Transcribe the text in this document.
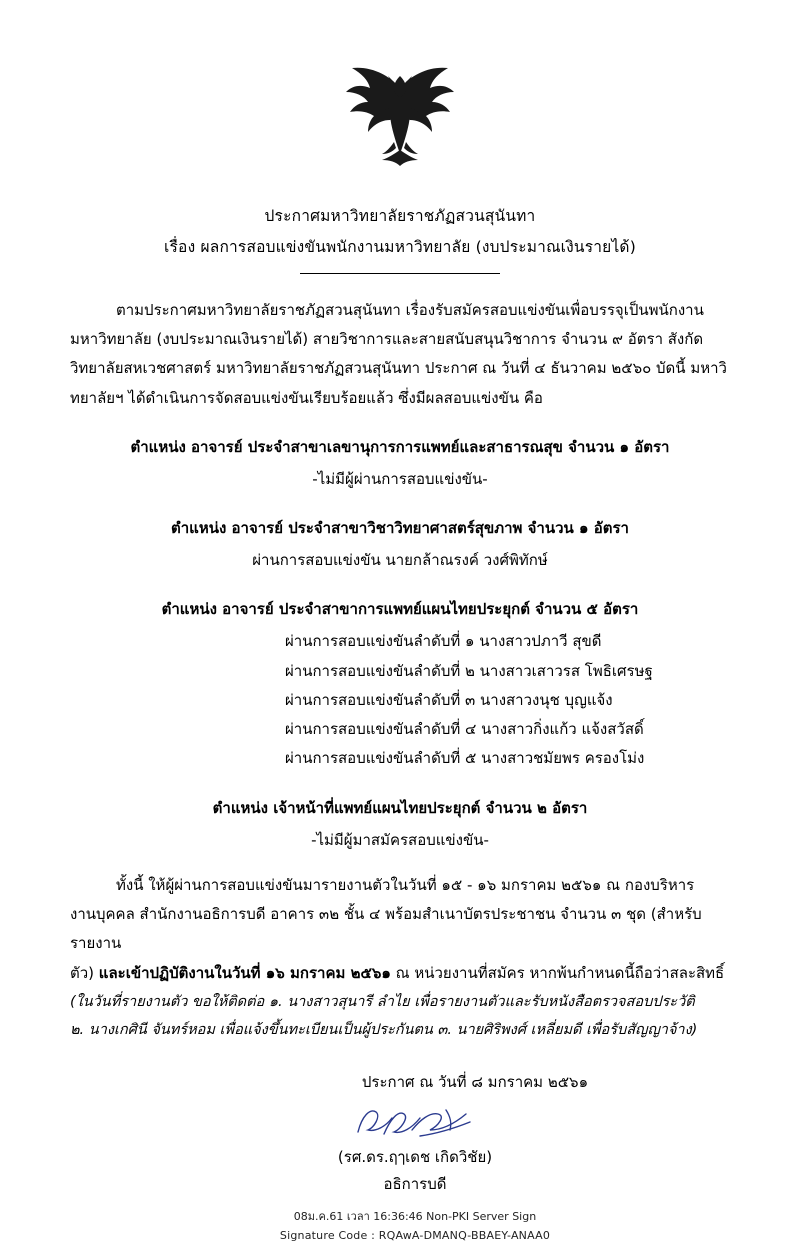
ประกาศมหาวิทยาลัยราชภัฏสวนสุนันทา
เรื่อง ผลการสอบแข่งขันพนักงานมหาวิทยาลัย (งบประมาณเงินรายได้)

ตามประกาศมหาวิทยาลัยราชภัฏสวนสุนันทา เรื่องรับสมัครสอบแข่งขันเพื่อบรรจุเป็นพนักงานมหาวิทยาลัย (งบประมาณเงินรายได้) สายวิชาการและสายสนับสนุนวิชาการ จำนวน ๙ อัตรา สังกัด วิทยาลัยสหเวชศาสตร์ มหาวิทยาลัยราชภัฏสวนสุนันทา ประกาศ ณ วันที่ ๔ ธันวาคม ๒๕๖๐ บัดนี้ มหาวิทยาลัยฯ ได้ดำเนินการจัดสอบแข่งขันเรียบร้อยแล้ว ซึ่งมีผลสอบแข่งขัน คือ

ตำแหน่ง อาจารย์ ประจำสาขาเลขานุการการแพทย์และสาธารณสุข จำนวน ๑ อัตรา
-ไม่มีผู้ผ่านการสอบแข่งขัน-
ตำแหน่ง อาจารย์ ประจำสาขาวิชาวิทยาศาสตร์สุขภาพ จำนวน ๑ อัตรา
ผ่านการสอบแข่งขัน นายกล้าณรงค์ วงศ์พิทักษ์
ตำแหน่ง อาจารย์ ประจำสาขาการแพทย์แผนไทยประยุกต์ จำนวน ๕ อัตรา
ผ่านการสอบแข่งขันลำดับที่ ๑ นางสาวปภาวี สุขดี
ผ่านการสอบแข่งขันลำดับที่ ๒ นางสาวเสาวรส โพธิเศรษฐ
ผ่านการสอบแข่งขันลำดับที่ ๓ นางสาวงนุช บุญแจ้ง
ผ่านการสอบแข่งขันลำดับที่ ๔ นางสาวกิ่งแก้ว แจ้งสวัสดิ์
ผ่านการสอบแข่งขันลำดับที่ ๕ นางสาวชมัยพร ครองโม่ง
ตำแหน่ง เจ้าหน้าที่แพทย์แผนไทยประยุกต์ จำนวน ๒ อัตรา
-ไม่มีผู้มาสมัครสอบแข่งขัน-

ทั้งนี้ ให้ผู้ผ่านการสอบแข่งขันมารายงานตัวในวันที่ ๑๕ - ๑๖ มกราคม ๒๕๖๑ ณ กองบริหาร

งานบุคคล สำนักงานอธิการบดี อาคาร ๓๒ ชั้น ๔ พร้อมสำเนาบัตรประชาชน จำนวน ๓ ชุด (สำหรับรายงาน

ตัว) และเข้าปฏิบัติงานในวันที่ ๑๖ มกราคม ๒๕๖๑ ณ หน่วยงานที่สมัคร หากพ้นกำหนดนี้ถือว่าสละสิทธิ์

(ในวันที่รายงานตัว ขอให้ติดต่อ ๑. นางสาวสุนารี ลำไย เพื่อรายงานตัวและรับหนังสือตรวจสอบประวัติ
๒. นางเกศินี จันทร์หอม เพื่อแจ้งขึ้นทะเบียนเป็นผู้ประกันตน ๓. นายศิริพงศ์ เหลี่ยมดี เพื่อรับสัญญาจ้าง)
ประกาศ ณ วันที่ ๘ มกราคม ๒๕๖๑
(รศ.ดร.ฤๅเดช เกิดวิชัย)
อธิการบดี
08ม.ค.61 เวลา 16:36:46 Non-PKI Server Sign
Signature Code : RQAwA-DMANQ-BBAEY-ANAA0
